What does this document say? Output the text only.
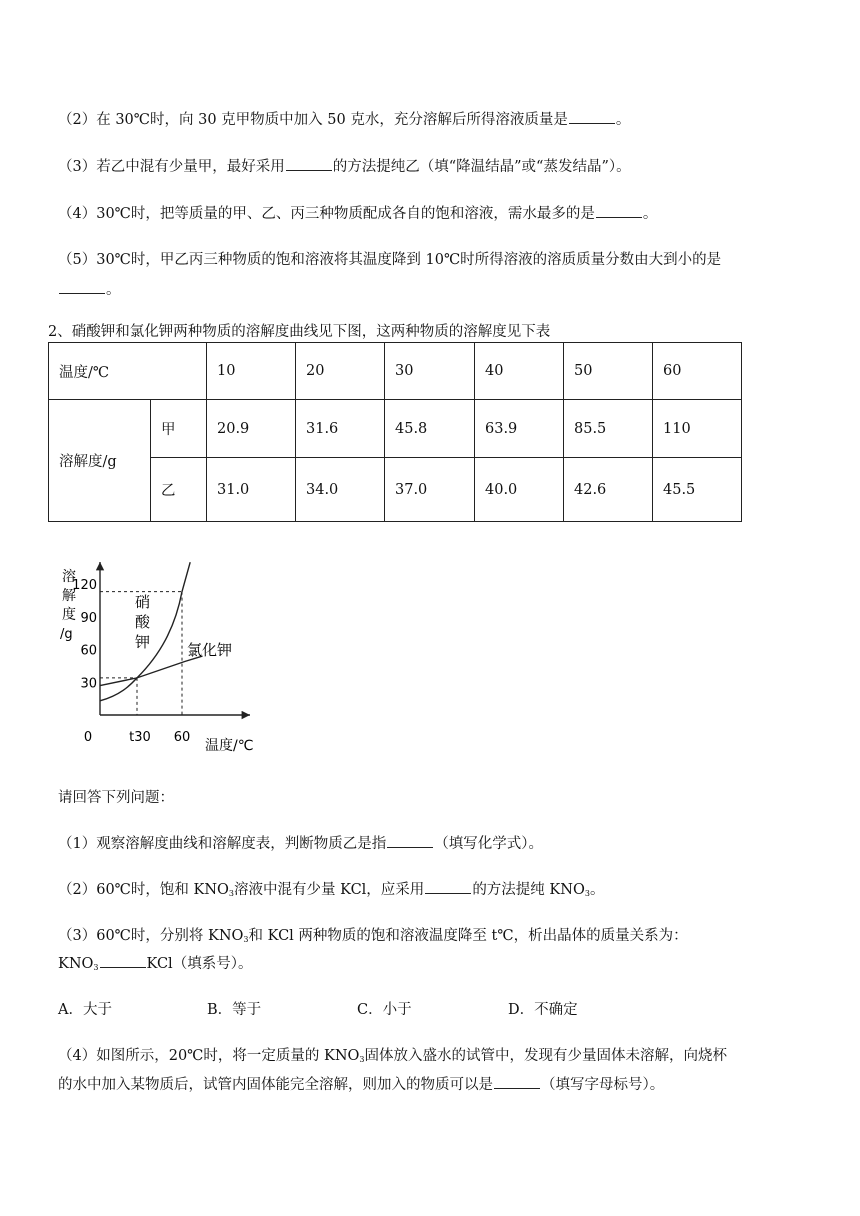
（2）在 30℃时，向 30 克甲物质中加入 50 克水，充分溶解后所得溶液质量是	。
（3）若乙中混有少量甲，最好采用	的方法提纯乙（填“降温结晶”或“蒸发结晶”）。
（4）30℃时，把等质量的甲、乙、丙三种物质配成各自的饱和溶液，需水最多的是	。
（5）30℃时，甲乙丙三种物质的饱和溶液将其温度降到 10℃时所得溶液的溶质质量分数由大到小的是
。
2、硝酸钾和氯化钾两种物质的溶解度曲线见下图，这两种物质的溶解度见下表
温度/℃		10	20	30	40	50	60
溶解度/g	甲	20.9	31.6	45.8	63.9	85.5	110
	乙	31.0	34.0	37.0	40.0	42.6	45.5
溶
解
度
/g
温度/℃
120
90
60
30
0	t30 60
硝
酸
钾 氯化钾
请回答下列问题：
（1）观察溶解度曲线和溶解度表，判断物质乙是指	（填写化学式）。
（2）60℃时，饱和 $KNO_3$溶液中混有少量 KCl，应采用	的方法提纯 $KNO_3$。
（3）60℃时，分别将 $KNO_3$和 KCl 两种物质的饱和溶液温度降至 t℃，析出晶体的质量关系为：
$KNO_3$	KCl（填系号）。
A．大于	B．等于	C．小于	D．不确定
（4）如图所示，20℃时，将一定质量的 $KNO_3$固体放入盛水的试管中，发现有少量固体未溶解，向烧杯
的水中加入某物质后，试管内固体能完全溶解，则加入的物质可以是	（填写字母标号）。
